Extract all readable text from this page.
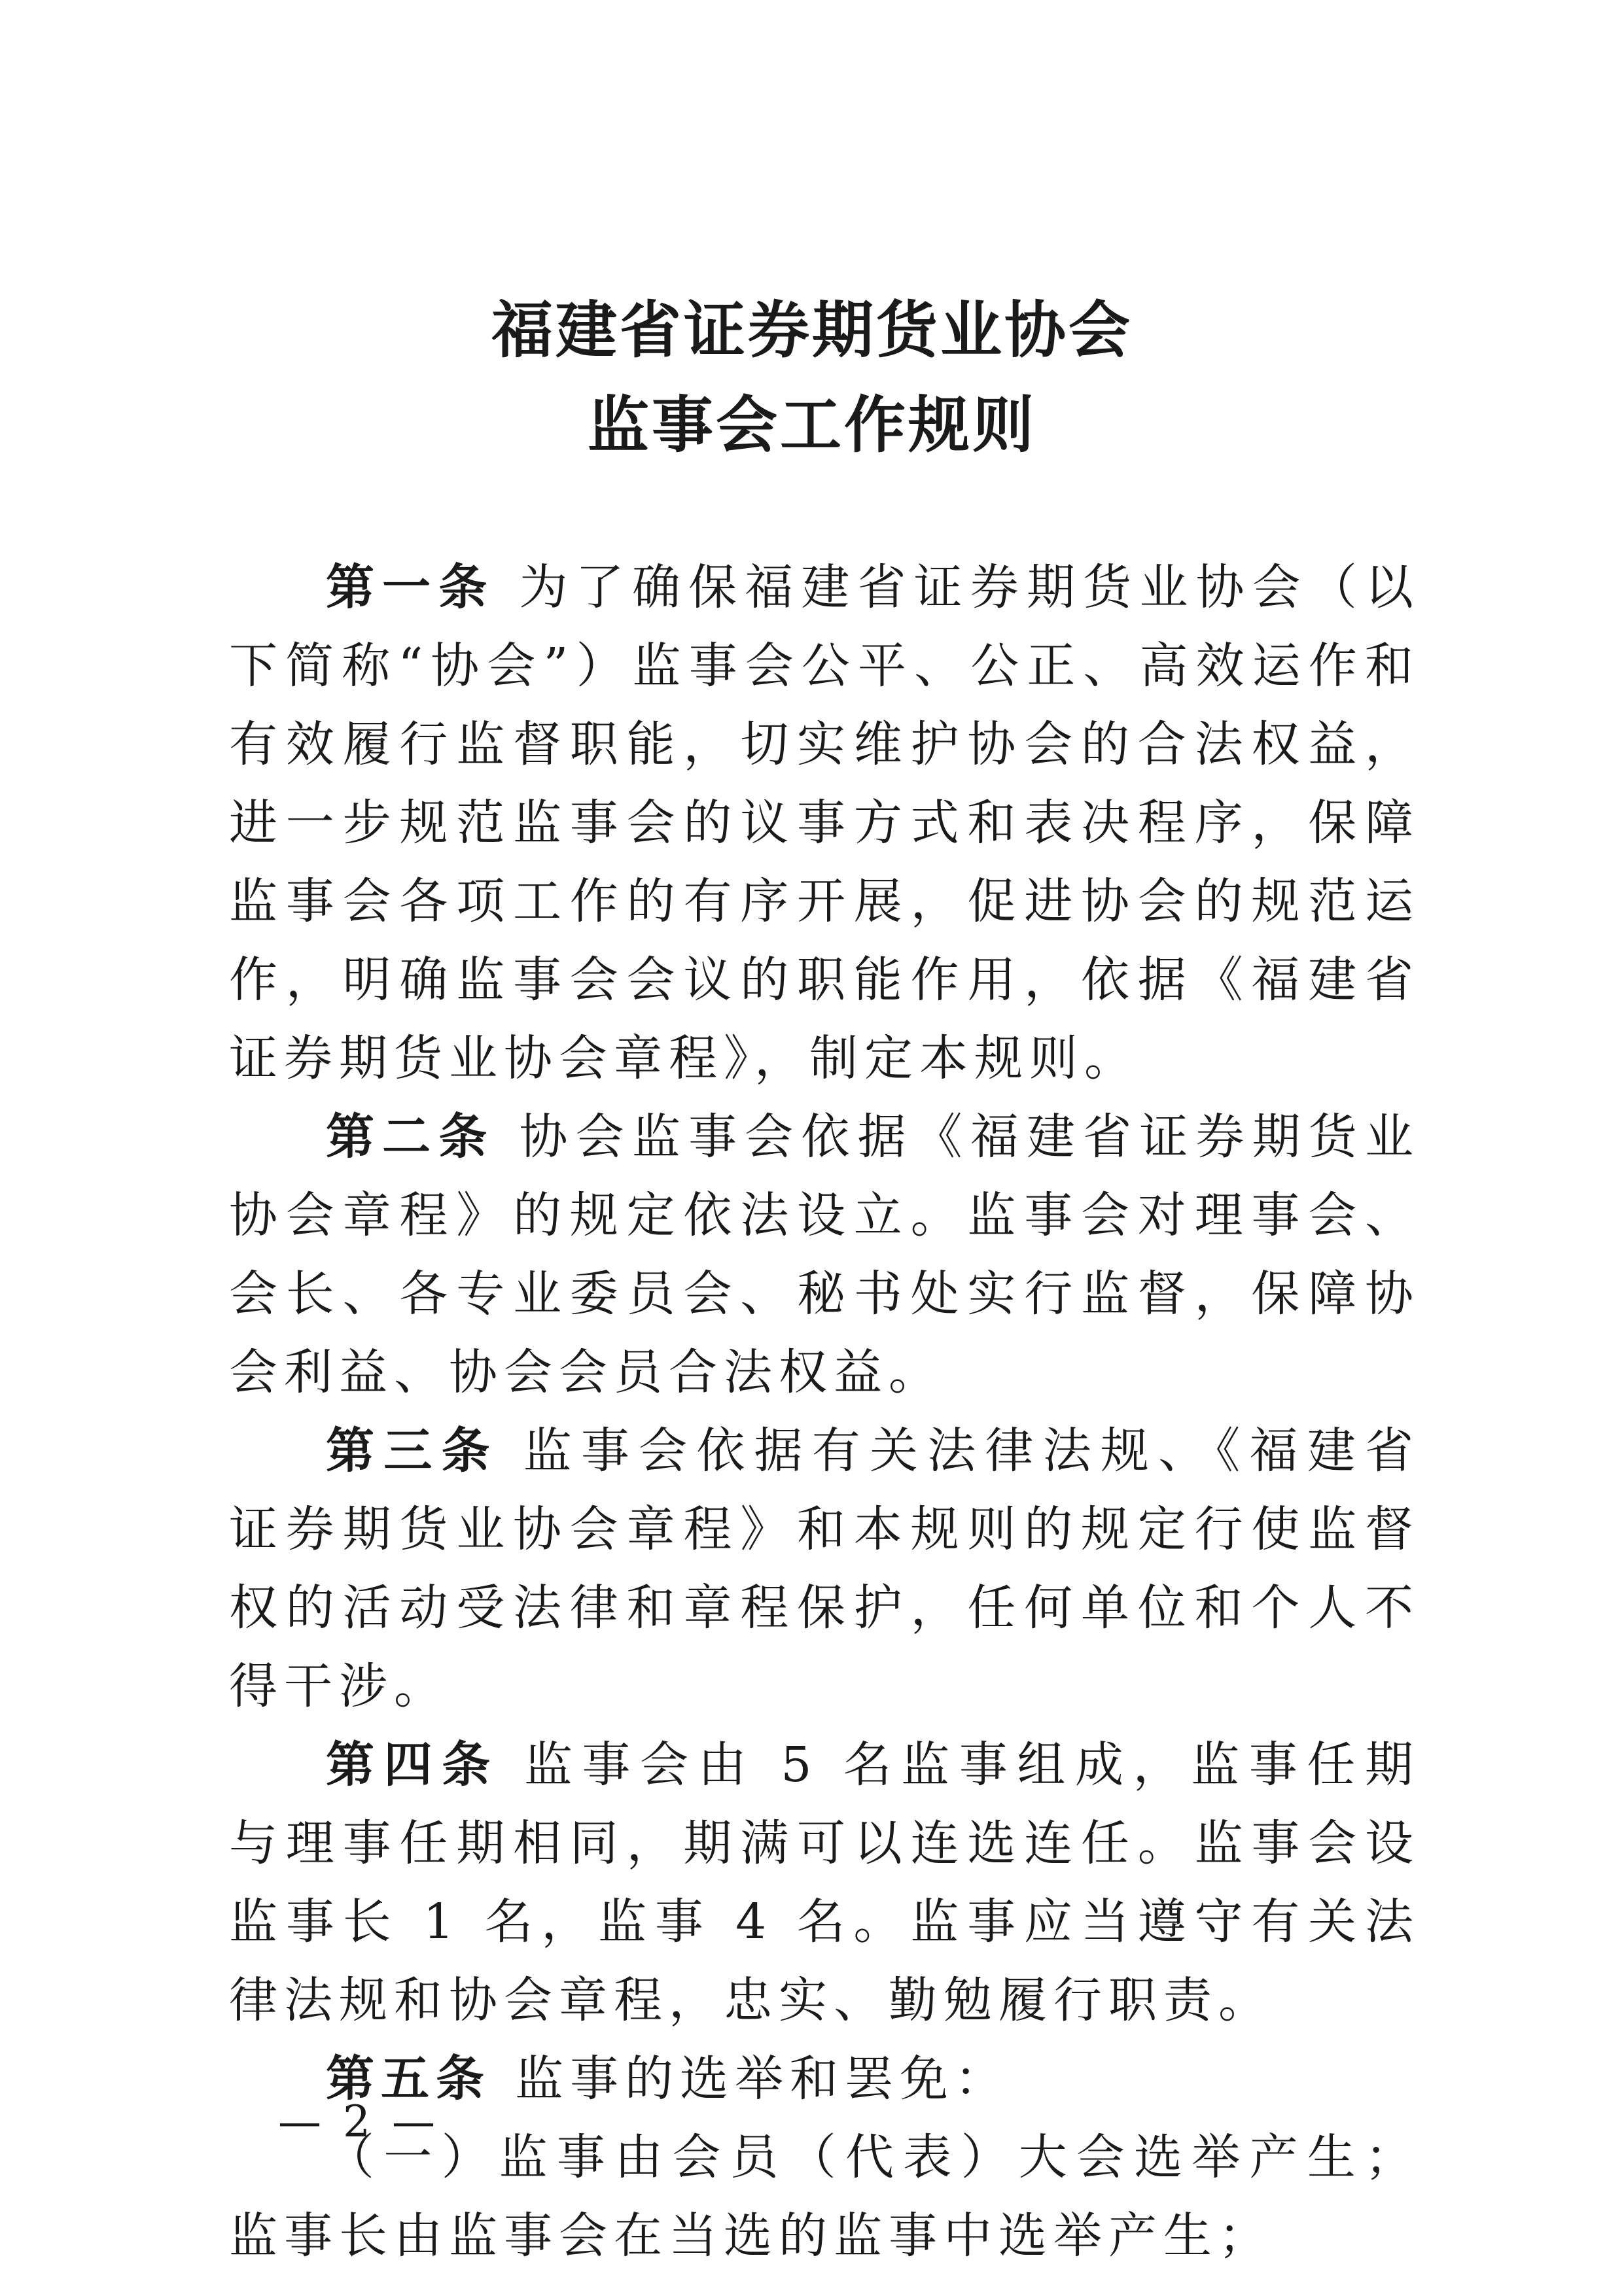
福建省证券期货业协会
监事会工作规则

第一条 为了确保福建省证券期货业协会（以下简称“协会”）监事会公平、公正、高效运作和有效履行监督职能，切实维护协会的合法权益，进一步规范监事会的议事方式和表决程序，保障监事会各项工作的有序开展，促进协会的规范运作，明确监事会会议的职能作用，依据《福建省证券期货业协会章程》，制定本规则。

第二条 协会监事会依据《福建省证券期货业协会章程》的规定依法设立。监事会对理事会、会长、各专业委员会、秘书处实行监督，保障协会利益、协会会员合法权益。

第三条 监事会依据有关法律法规、《福建省证券期货业协会章程》和本规则的规定行使监督权的活动受法律和章程保护，任何单位和个人不得干涉。

第四条 监事会由 5 名监事组成，监事任期与理事任期相同，期满可以连选连任。监事会设监事长 1 名，监事 4 名。监事应当遵守有关法律法规和协会章程，忠实、勤勉履行职责。

第五条 监事的选举和罢免：

（一）监事由会员（代表）大会选举产生；监事长由监事会在当选的监事中选举产生；

— 2 —
